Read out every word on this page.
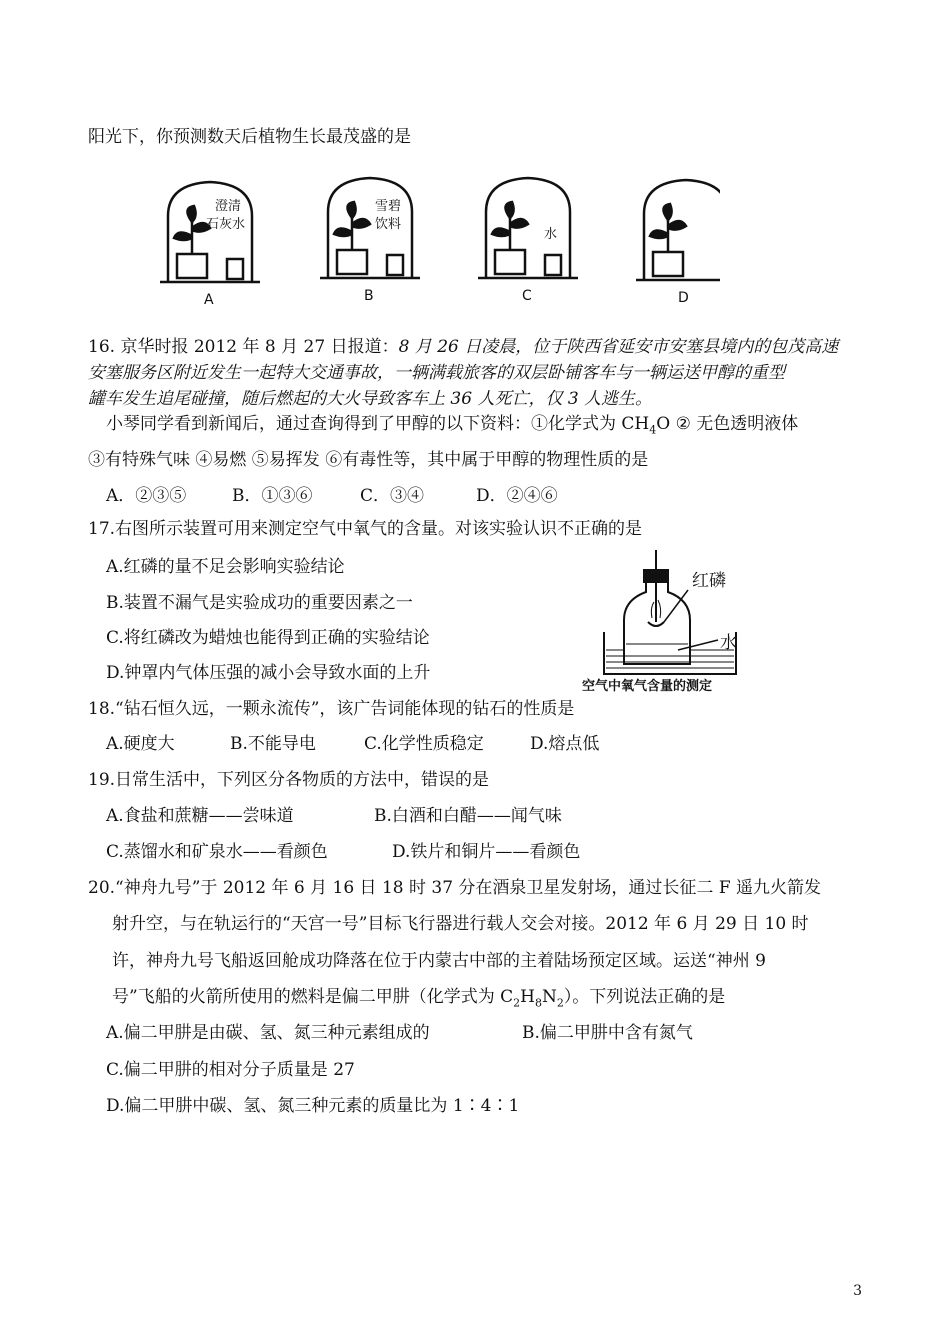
阳光下，你预测数天后植物生长最茂盛的是
澄清
石灰水
A
雪碧
饮料
B
水
C	D
16. 京华时报 2012 年 8 月 27 日报道：8 月 26 日凌晨，位于陕西省延安市安塞县境内的包茂高速
安塞服务区附近发生一起特大交通事故，一辆满载旅客的双层卧铺客车与一辆运送甲醇的重型
罐车发生追尾碰撞，随后燃起的大火导致客车上 36 人死亡，仅 3 人逃生。
小琴同学看到新闻后，通过查询得到了甲醇的以下资料：①化学式为 $CH_4O$ ② 无色透明液体
③有特殊气味 ④易燃 ⑤易挥发 ⑥有毒性等，其中属于甲醇的物理性质的是
A．②③⑤	B．①③⑥	C．③④	D．②④⑥
17.右图所示装置可用来测定空气中氧气的含量。对该实验认识不正确的是
A.红磷的量不足会影响实验结论
B.装置不漏气是实验成功的重要因素之一
C.将红磷改为蜡烛也能得到正确的实验结论
D.钟罩内气体压强的减小会导致水面的上升
红磷
水
空气中氧气含量的测定
18.“钻石恒久远，一颗永流传”，该广告词能体现的钻石的性质是
A.硬度大	B.不能导电	C.化学性质稳定	D.熔点低
19.日常生活中，下列区分各物质的方法中，错误的是
A.食盐和蔗糖——尝味道	B.白酒和白醋——闻气味
C.蒸馏水和矿泉水——看颜色	D.铁片和铜片——看颜色
20.“神舟九号”于 2012 年 6 月 16 日 18 时 37 分在酒泉卫星发射场，通过长征二 F 遥九火箭发
射升空，与在轨运行的“天宫一号”目标飞行器进行载人交会对接。2012 年 6 月 29 日 10 时
许，神舟九号飞船返回舱成功降落在位于内蒙古中部的主着陆场预定区域。运送“神州 9
号”飞船的火箭所使用的燃料是偏二甲肼（化学式为 $C_2H_8N_2$）。下列说法正确的是
A.偏二甲肼是由碳、氢、氮三种元素组成的	B.偏二甲肼中含有氮气
C.偏二甲肼的相对分子质量是 27
D.偏二甲肼中碳、氢、氮三种元素的质量比为 1∶4∶1
3
